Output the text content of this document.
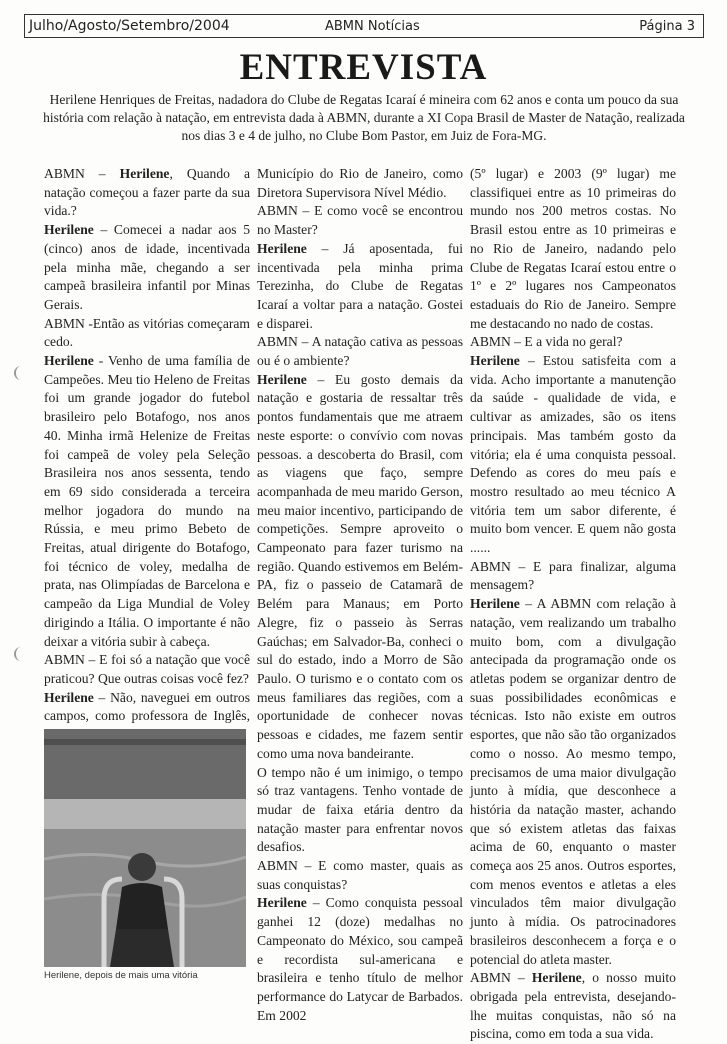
Julho/Agosto/Setembro/2004	ABMN Notícias	Página 3
ENTREVISTA
Herilene Henriques de Freitas, nadadora do Clube de Regatas Icaraí é mineira com 62 anos e conta um pouco da sua história com relação à natação, em entrevista dada à ABMN, durante a XI Copa Brasil de Master de Natação, realizada nos dias 3 e 4 de julho, no Clube Bom Pastor, em Juiz de Fora-MG.

ABMN – Herilene, Quando a natação começou a fazer parte da sua vida.?

Herilene – Comecei a nadar aos 5 (cinco) anos de idade, incentivada pela minha mãe, chegando a ser campeã brasileira infantil por Minas Gerais.

ABMN -Então as vitórias começaram cedo.

Herilene - Venho de uma família de Campeões. Meu tio Heleno de Freitas foi um grande jogador do futebol brasileiro pelo Botafogo, nos anos 40. Minha irmã Helenize de Freitas foi campeã de voley pela Seleção Brasileira nos anos sessenta, tendo em 69 sido considerada a terceira melhor jogadora do mundo na Rússia, e meu primo Bebeto de Freitas, atual dirigente do Botafogo, foi técnico de voley, medalha de prata, nas Olimpíadas de Barcelona e campeão da Liga Mundial de Voley dirigindo a Itália. O importante é não deixar a vitória subir à cabeça.

ABMN – E foi só a natação que você praticou? Que outras coisas você fez?

Herilene – Não, naveguei em outros campos, como professora de Inglês,

Município do Rio de Janeiro, como Diretora Supervisora Nível Médio.

ABMN – E como você se encontrou no Master?

Herilene – Já aposentada, fui incentivada pela minha prima Terezinha, do Clube de Regatas Icaraí a voltar para a natação. Gostei e disparei.

ABMN – A natação cativa as pessoas ou é o ambiente?

Herilene – Eu gosto demais da natação e gostaria de ressaltar três pontos fundamentais que me atraem neste esporte: o convívio com novas pessoas. a descoberta do Brasil, com as viagens que faço, sempre acompanhada de meu marido Gerson, meu maior incentivo, participando de competições. Sempre aproveito o Campeonato para fazer turismo na região. Quando estivemos em Belém-PA, fiz o passeio de Catamarã de Belém para Manaus; em Porto Alegre, fiz o passeio às Serras Gaúchas; em Salvador-Ba, conheci o sul do estado, indo a Morro de São Paulo. O turismo e o contato com os meus familiares das regiões, com a oportunidade de conhecer novas pessoas e cidades, me fazem sentir como uma nova bandeirante.

O tempo não é um inimigo, o tempo só traz vantagens. Tenho vontade de mudar de faixa etária dentro da natação master para enfrentar novos desafios.

ABMN – E como master, quais as suas conquistas?

Herilene – Como conquista pessoal ganhei 12 (doze) medalhas no Campeonato do México, sou campeã e recordista sul-americana e brasileira e tenho título de melhor performance do Latycar de Barbados. Em 2002

(5º lugar) e 2003 (9º lugar) me classifiquei entre as 10 primeiras do mundo nos 200 metros costas. No Brasil estou entre as 10 primeiras e no Rio de Janeiro, nadando pelo Clube de Regatas Icaraí estou entre o 1º e 2º lugares nos Campeonatos estaduais do Rio de Janeiro. Sempre me destacando no nado de costas.

ABMN – E a vida no geral?

Herilene – Estou satisfeita com a vida. Acho importante a manutenção da saúde - qualidade de vida, e cultivar as amizades, são os itens principais. Mas também gosto da vitória; ela é uma conquista pessoal. Defendo as cores do meu país e mostro resultado ao meu técnico A vitória tem um sabor diferente, é muito bom vencer. E quem não gosta ......

ABMN – E para finalizar, alguma mensagem?

Herilene – A ABMN com relação à natação, vem realizando um trabalho muito bom, com a divulgação antecipada da programação onde os atletas podem se organizar dentro de suas possibilidades econômicas e técnicas. Isto não existe em outros esportes, que não são tão organizados como o nosso. Ao mesmo tempo, precisamos de uma maior divulgação junto à mídia, que desconhece a história da natação master, achando que só existem atletas das faixas acima de 60, enquanto o master começa aos 25 anos. Outros esportes, com menos eventos e atletas a eles vinculados têm maior divulgação junto à mídia. Os patrocinadores brasileiros desconhecem a força e o potencial do atleta master.

ABMN – Herilene, o nosso muito obrigada pela entrevista, desejando-lhe muitas conquistas, não só na piscina, como em toda a sua vida.

Herilene, depois de mais uma vitória
